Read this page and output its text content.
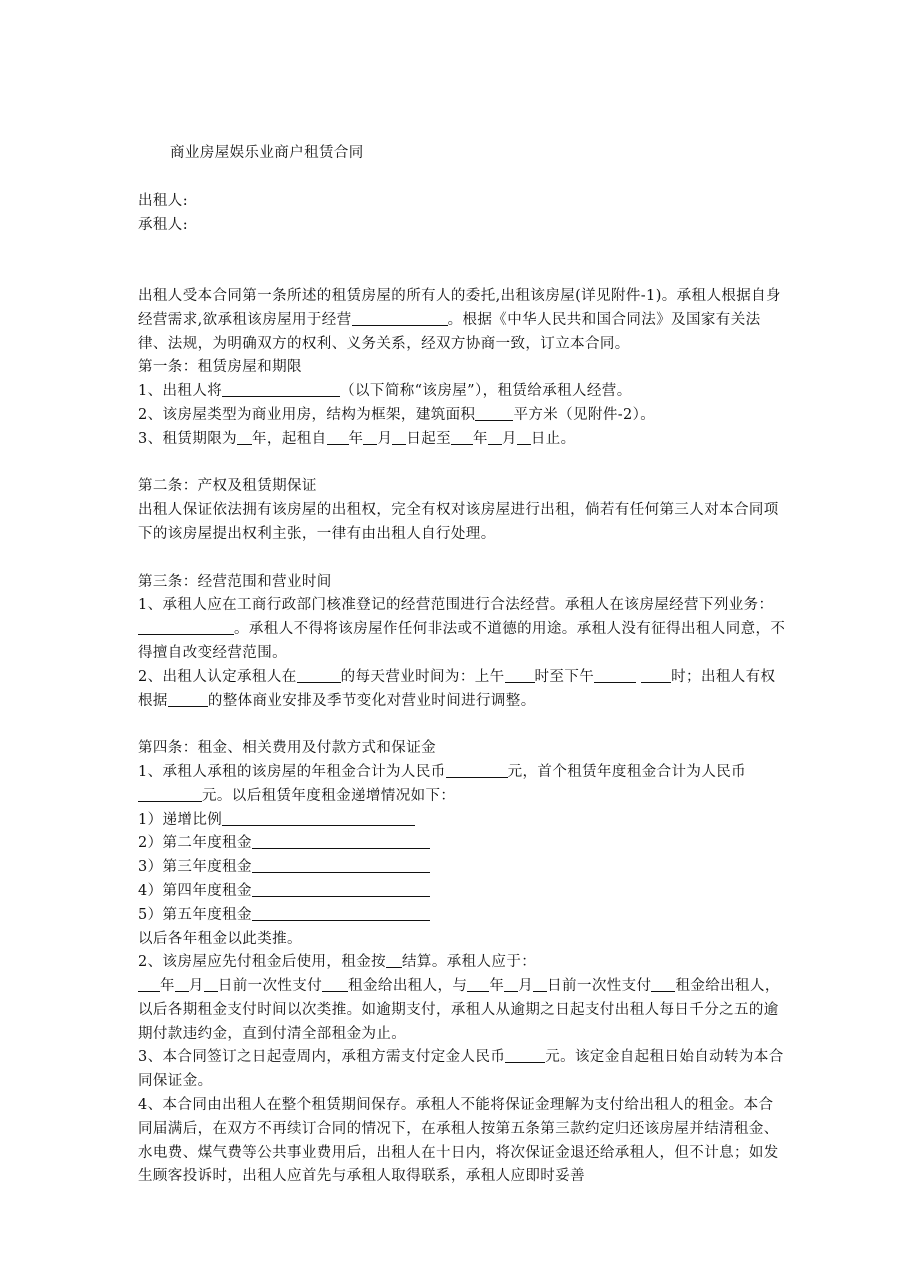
商业房屋娱乐业商户租赁合同
出租人:
承租人:
出租人受本合同第一条所述的租赁房屋的所有人的委托,出租该房屋(详见附件-1)。承租人根据自身经营需求,欲承租该房屋用于经营	。根据《中华人民共和国合同法》及国家有关法律、法规，为明确双方的权利、义务关系，经双方协商一致，订立本合同。
第一条：租赁房屋和期限
1、出租人将	（以下简称“该房屋”），租赁给承租人经营。
2、该房屋类型为商业用房，结构为框架，建筑面积	平方米（见附件-2）。
3、租赁期限为 年，起租自 年 月 日起至 年 月 日止。
第二条：产权及租赁期保证
出租人保证依法拥有该房屋的出租权，完全有权对该房屋进行出租，倘若有任何第三人对本合同项下的该房屋提出权利主张，一律有由出租人自行处理。
第三条：经营范围和营业时间
1、承租人应在工商行政部门核准登记的经营范围进行合法经营。承租人在该房屋经营下列业务：。承租人不得将该房屋作任何非法或不道德的用途。承租人没有征得出租人同意，不得擅自改变经营范围。
2、出租人认定承租人在	的每天营业时间为：上午 时至下午	时；出租人有权根据	的整体商业安排及季节变化对营业时间进行调整。
第四条：租金、相关费用及付款方式和保证金
1、承租人承租的该房屋的年租金合计为人民币	元，首个租赁年度租金合计为人民币元。以后租赁年度租金递增情况如下：
1）递增比例
2）第二年度租金
3）第三年度租金
4）第四年度租金
5）第五年度租金
以后各年租金以此类推。
2、该房屋应先付租金后使用，租金按 结算。承租人应于：
年 月 日前一次性支付 租金给出租人，与 年 月 日前一次性支付 租金给出租人，以后各期租金支付时间以次类推。如逾期支付，承租人从逾期之日起支付出租人每日千分之五的逾期付款违约金，直到付清全部租金为止。
3、本合同签订之日起壹周内，承租方需支付定金人民币	元。该定金自起租日始自动转为本合同保证金。
4、本合同由出租人在整个租赁期间保存。承租人不能将保证金理解为支付给出租人的租金。本合同届满后，在双方不再续订合同的情况下，在承租人按第五条第三款约定归还该房屋并结清租金、水电费、煤气费等公共事业费用后，出租人在十日内，将次保证金退还给承租人，但不计息；如发生顾客投诉时，出租人应首先与承租人取得联系，承租人应即时妥善
